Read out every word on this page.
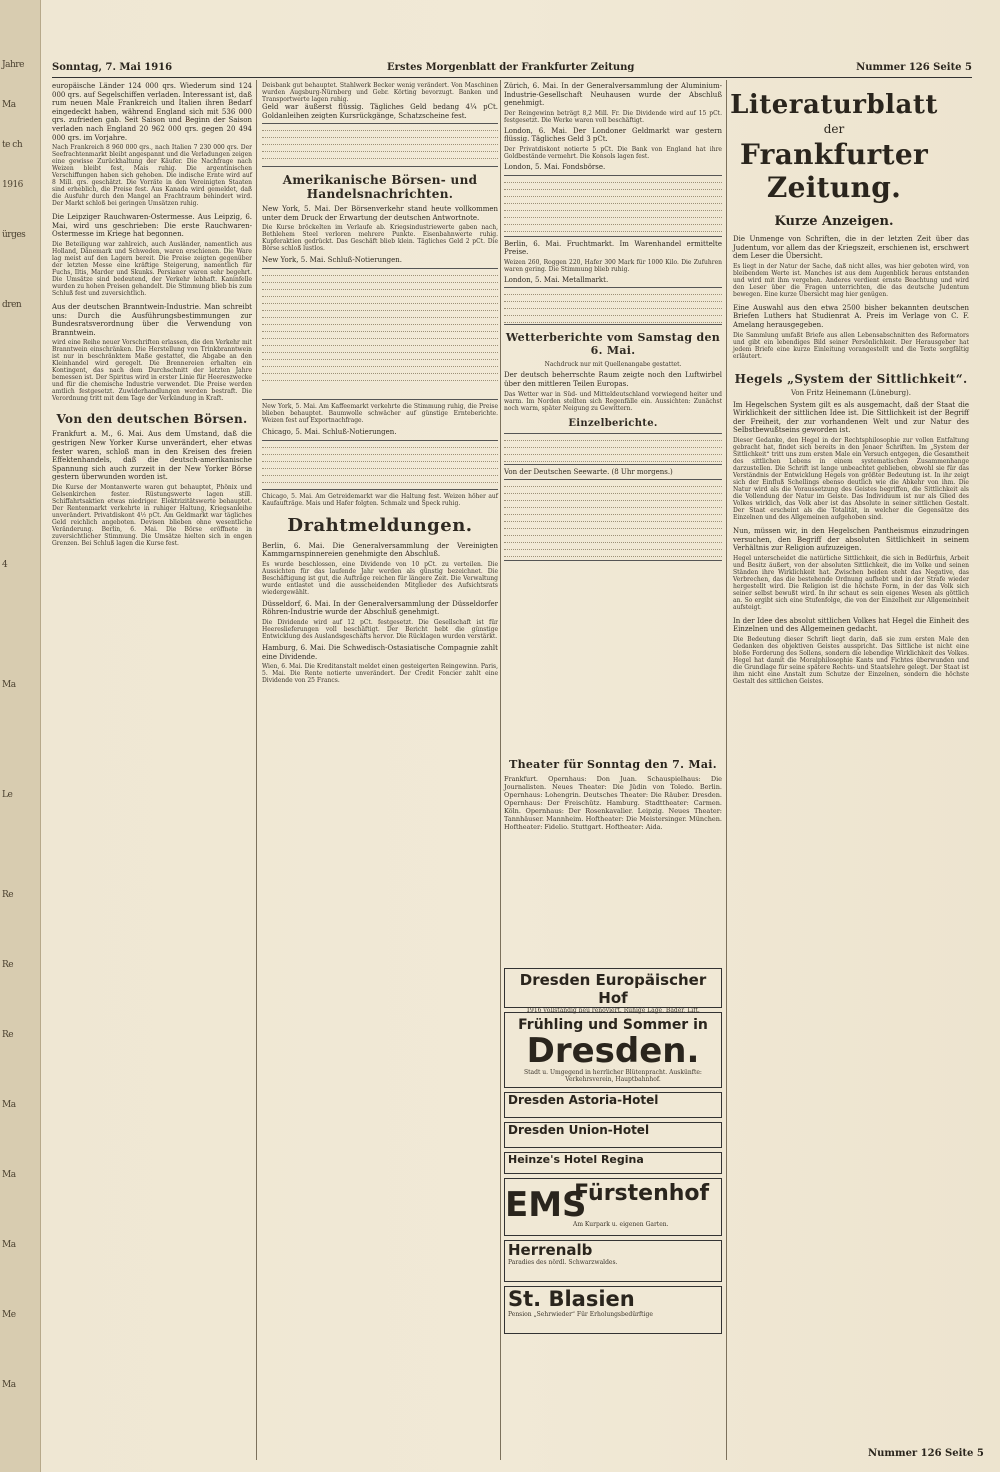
Jahre
Ma
te ch
1916
ürges
dren
4
Ma
Le
Re
Re
Re
Ma
Ma
Ma
Me
Ma
Sonntag, 7. Mai 1916	Erstes Morgenblatt der Frankfurter Zeitung	Nummer 126 Seite 5

europäische Länder 124 000 qrs. Wiederum sind 124 000 qrs. auf Segelschiffen verladen. Interessant ist, daß rum neuen Male Frankreich und Italien ihren Bedarf eingedeckt haben, während England sich mit 536 000 qrs. zufrieden gab. Seit Saison und Beginn der Saison verladen nach England 20 962 000 qrs. gegen 20 494 000 qrs. im Vorjahre.

Nach Frankreich 8 960 000 qrs., nach Italien 7 230 000 qrs. Der Seefrachtenmarkt bleibt angespannt und die Verladungen zeigen eine gewisse Zurückhaltung der Käufer. Die Nachfrage nach Weizen bleibt fest, Mais ruhig. Die argentinischen Verschiffungen haben sich gehoben. Die indische Ernte wird auf 8 Mill. qrs. geschätzt. Die Vorräte in den Vereinigten Staaten sind erheblich, die Preise fest. Aus Kanada wird gemeldet, daß die Ausfuhr durch den Mangel an Frachtraum behindert wird. Der Markt schloß bei geringen Umsätzen ruhig.

Die Leipziger Rauchwaren-Ostermesse. Aus Leipzig, 6. Mai, wird uns geschrieben: Die erste Rauchwaren-Ostermesse im Kriege hat begonnen.

Die Beteiligung war zahlreich, auch Ausländer, namentlich aus Holland, Dänemark und Schweden, waren erschienen. Die Ware lag meist auf den Lagern bereit. Die Preise zeigten gegenüber der letzten Messe eine kräftige Steigerung, namentlich für Fuchs, Iltis, Marder und Skunks. Persianer waren sehr begehrt. Die Umsätze sind bedeutend, der Verkehr lebhaft. Kaninfelle wurden zu hohen Preisen gehandelt. Die Stimmung blieb bis zum Schluß fest und zuversichtlich.

Aus der deutschen Branntwein-Industrie. Man schreibt uns: Durch die Ausführungsbestimmungen zur Bundesratsverordnung über die Verwendung von Branntwein.

wird eine Reihe neuer Vorschriften erlassen, die den Verkehr mit Branntwein einschränken. Die Herstellung von Trinkbranntwein ist nur in beschränktem Maße gestattet, die Abgabe an den Kleinhandel wird geregelt. Die Brennereien erhalten ein Kontingent, das nach dem Durchschnitt der letzten Jahre bemessen ist. Der Spiritus wird in erster Linie für Heereszwecke und für die chemische Industrie verwendet. Die Preise werden amtlich festgesetzt. Zuwiderhandlungen werden bestraft. Die Verordnung tritt mit dem Tage der Verkündung in Kraft.
Von den deutschen Börsen.

Frankfurt a. M., 6. Mai. Aus dem Umstand, daß die gestrigen New Yorker Kurse unverändert, eher etwas fester waren, schloß man in den Kreisen des freien Effektenhandels, daß die deutsch-amerikanische Spannung sich auch zurzeit in der New Yorker Börse gestern überwunden worden ist.

Die Kurse der Montanwerte waren gut behauptet, Phönix und Gelsenkirchen fester. Rüstungswerte lagen still. Schiffahrtsaktien etwas niedriger. Elektrizitätswerte behauptet. Der Rentenmarkt verkehrte in ruhiger Haltung, Kriegsanleihe unverändert. Privatdiskont 4½ pCt. Am Geldmarkt war tägliches Geld reichlich angeboten. Devisen blieben ohne wesentliche Veränderung. Berlin, 6. Mai. Die Börse eröffnete in zuversichtlicher Stimmung. Die Umsätze hielten sich in engen Grenzen. Bei Schluß lagen die Kurse fest.
Deisbank gut behauptet. Stahlwerk Becker wenig verändert. Von Maschinen wurden Augsburg-Nürnberg und Gebr. Körting bevorzugt. Banken und Transportwerte lagen ruhig.

Geld war äußerst flüssig. Tägliches Geld bedang 4¼ pCt. Goldanleihen zeigten Kursrückgänge, Schatzscheine fest.

Amerikanische Börsen- und Handelsnachrichten.

New York, 5. Mai. Der Börsenverkehr stand heute vollkommen unter dem Druck der Erwartung der deutschen Antwortnote.

Die Kurse bröckelten im Verlaufe ab. Kriegsindustriewerte gaben nach, Bethlehem Steel verloren mehrere Punkte. Eisenbahnwerte ruhig. Kupferaktien gedrückt. Das Geschäft blieb klein. Tägliches Geld 2 pCt. Die Börse schloß lustlos.

New York, 5. Mai. Schluß-Notierungen.

New York, 5. Mai. Am Kaffeemarkt verkehrte die Stimmung ruhig, die Preise blieben behauptet. Baumwolle schwächer auf günstige Ernteberichte. Weizen fest auf Exportnachfrage.

Chicago, 5. Mai. Schluß-Notierungen.

Chicago, 5. Mai. Am Getreidemarkt war die Haltung fest. Weizen höher auf Kaufaufträge. Mais und Hafer folgten. Schmalz und Speck ruhig.
Drahtmeldungen.

Berlin, 6. Mai. Die Generalversammlung der Vereinigten Kammgarnspinnereien genehmigte den Abschluß.

Es wurde beschlossen, eine Dividende von 10 pCt. zu verteilen. Die Aussichten für das laufende Jahr werden als günstig bezeichnet. Die Beschäftigung ist gut, die Aufträge reichen für längere Zeit. Die Verwaltung wurde entlastet und die ausscheidenden Mitglieder des Aufsichtsrats wiedergewählt.

Düsseldorf, 6. Mai. In der Generalversammlung der Düsseldorfer Röhren-Industrie wurde der Abschluß genehmigt.

Die Dividende wird auf 12 pCt. festgesetzt. Die Gesellschaft ist für Heereslieferungen voll beschäftigt. Der Bericht hebt die günstige Entwicklung des Auslandsgeschäfts hervor. Die Rücklagen wurden verstärkt.

Hamburg, 6. Mai. Die Schwedisch-Ostasiatische Compagnie zahlt eine Dividende.

Wien, 6. Mai. Die Kreditanstalt meldet einen gesteigerten Reingewinn. Paris, 5. Mai. Die Rente notierte unverändert. Der Credit Foncier zahlt eine Dividende von 25 Francs.

Zürich, 6. Mai. In der Generalversammlung der Aluminium-Industrie-Gesellschaft Neuhausen wurde der Abschluß genehmigt.

Der Reingewinn beträgt 8,2 Mill. Fr. Die Dividende wird auf 15 pCt. festgesetzt. Die Werke waren voll beschäftigt.

London, 6. Mai. Der Londoner Geldmarkt war gestern flüssig. Tägliches Geld 3 pCt.

Der Privatdiskont notierte 5 pCt. Die Bank von England hat ihre Goldbestände vermehrt. Die Konsols lagen fest.

London, 5. Mai. Fondsbörse.

Berlin, 6. Mai. Fruchtmarkt. Im Warenhandel ermittelte Preise.

Weizen 260, Roggen 220, Hafer 300 Mark für 1000 Kilo. Die Zufuhren waren gering. Die Stimmung blieb ruhig.

London, 5. Mai. Metallmarkt.

Wetterberichte vom Samstag den 6. Mai.
Nachdruck nur mit Quellenangabe gestattet.

Der deutsch beherrschte Raum zeigte noch den Luftwirbel über den mittleren Teilen Europas.

Das Wetter war in Süd- und Mitteldeutschland vorwiegend heiter und warm. Im Norden stellten sich Regenfälle ein. Aussichten: Zunächst noch warm, später Neigung zu Gewittern.
Einzelberichte.

Von der Deutschen Seewarte. (8 Uhr morgens.)

Theater für Sonntag den 7. Mai.
Frankfurt. Opernhaus: Don Juan. Schauspielhaus: Die Journalisten. Neues Theater: Die Jüdin von Toledo. Berlin. Opernhaus: Lohengrin. Deutsches Theater: Die Räuber. Dresden. Opernhaus: Der Freischütz. Hamburg. Stadttheater: Carmen. Köln. Opernhaus: Der Rosenkavalier. Leipzig. Neues Theater: Tannhäuser. Mannheim. Hoftheater: Die Meistersinger. München. Hoftheater: Fidelio. Stuttgart. Hoftheater: Aida.
Dresden Europäischer Hof
1916 vollständig neu renoviert. Ruhige Lage, Bäder, Lift.
Frühling und Sommer in
Dresden.
Stadt u. Umgegend in herrlicher Blütenpracht. Auskünfte: Verkehrsverein, Hauptbahnhof.
Dresden Astoria-Hotel
Dresden Union-Hotel
Heinze's Hotel Regina
EMS Fürstenhof
Am Kurpark u. eigenen Garten.
Herrenalb
Paradies des nördl. Schwarzwaldes.
St. Blasien
Pension „Sehrwieder“ Für Erholungsbedürftige
Literaturblatt
der
Frankfurter Zeitung.
Kurze Anzeigen.

Die Unmenge von Schriften, die in der letzten Zeit über das Judentum, vor allem das der Kriegszeit, erschienen ist, erschwert dem Leser die Übersicht.

Es liegt in der Natur der Sache, daß nicht alles, was hier geboten wird, von bleibendem Werte ist. Manches ist aus dem Augenblick heraus entstanden und wird mit ihm vergehen. Anderes verdient ernste Beachtung und wird den Leser über die Fragen unterrichten, die das deutsche Judentum bewegen. Eine kurze Übersicht mag hier genügen.

Eine Auswahl aus den etwa 2500 bisher bekannten deutschen Briefen Luthers hat Studienrat A. Preis im Verlage von C. F. Amelang herausgegeben.

Die Sammlung umfaßt Briefe aus allen Lebensabschnitten des Reformators und gibt ein lebendiges Bild seiner Persönlichkeit. Der Herausgeber hat jedem Briefe eine kurze Einleitung vorangestellt und die Texte sorgfältig erläutert.
Hegels „System der Sittlichkeit“.
Von Fritz Heinemann (Lüneburg).

Im Hegelschen System gilt es als ausgemacht, daß der Staat die Wirklichkeit der sittlichen Idee ist. Die Sittlichkeit ist der Begriff der Freiheit, der zur vorhandenen Welt und zur Natur des Selbstbewußtseins geworden ist.

Dieser Gedanke, den Hegel in der Rechtsphilosophie zur vollen Entfaltung gebracht hat, findet sich bereits in den Jenaer Schriften. Im „System der Sittlichkeit“ tritt uns zum ersten Male ein Versuch entgegen, die Gesamtheit des sittlichen Lebens in einem systematischen Zusammenhange darzustellen. Die Schrift ist lange unbeachtet geblieben, obwohl sie für das Verständnis der Entwicklung Hegels von größter Bedeutung ist. In ihr zeigt sich der Einfluß Schellings ebenso deutlich wie die Abkehr von ihm. Die Natur wird als die Voraussetzung des Geistes begriffen, die Sittlichkeit als die Vollendung der Natur im Geiste. Das Individuum ist nur als Glied des Volkes wirklich, das Volk aber ist das Absolute in seiner sittlichen Gestalt. Der Staat erscheint als die Totalität, in welcher die Gegensätze des Einzelnen und des Allgemeinen aufgehoben sind.

Nun, müssen wir, in den Hegelschen Pantheismus einzudringen versuchen, den Begriff der absoluten Sittlichkeit in seinem Verhältnis zur Religion aufzuzeigen.

Hegel unterscheidet die natürliche Sittlichkeit, die sich in Bedürfnis, Arbeit und Besitz äußert, von der absoluten Sittlichkeit, die im Volke und seinen Ständen ihre Wirklichkeit hat. Zwischen beiden steht das Negative, das Verbrechen, das die bestehende Ordnung aufhebt und in der Strafe wieder hergestellt wird. Die Religion ist die höchste Form, in der das Volk sich seiner selbst bewußt wird. In ihr schaut es sein eigenes Wesen als göttlich an. So ergibt sich eine Stufenfolge, die von der Einzelheit zur Allgemeinheit aufsteigt.

In der Idee des absolut sittlichen Volkes hat Hegel die Einheit des Einzelnen und des Allgemeinen gedacht.

Die Bedeutung dieser Schrift liegt darin, daß sie zum ersten Male den Gedanken des objektiven Geistes ausspricht. Das Sittliche ist nicht eine bloße Forderung des Sollens, sondern die lebendige Wirklichkeit des Volkes. Hegel hat damit die Moralphilosophie Kants und Fichtes überwunden und die Grundlage für seine spätere Rechts- und Staatslehre gelegt. Der Staat ist ihm nicht eine Anstalt zum Schutze der Einzelnen, sondern die höchste Gestalt des sittlichen Geistes.
Nummer 126 Seite 5
